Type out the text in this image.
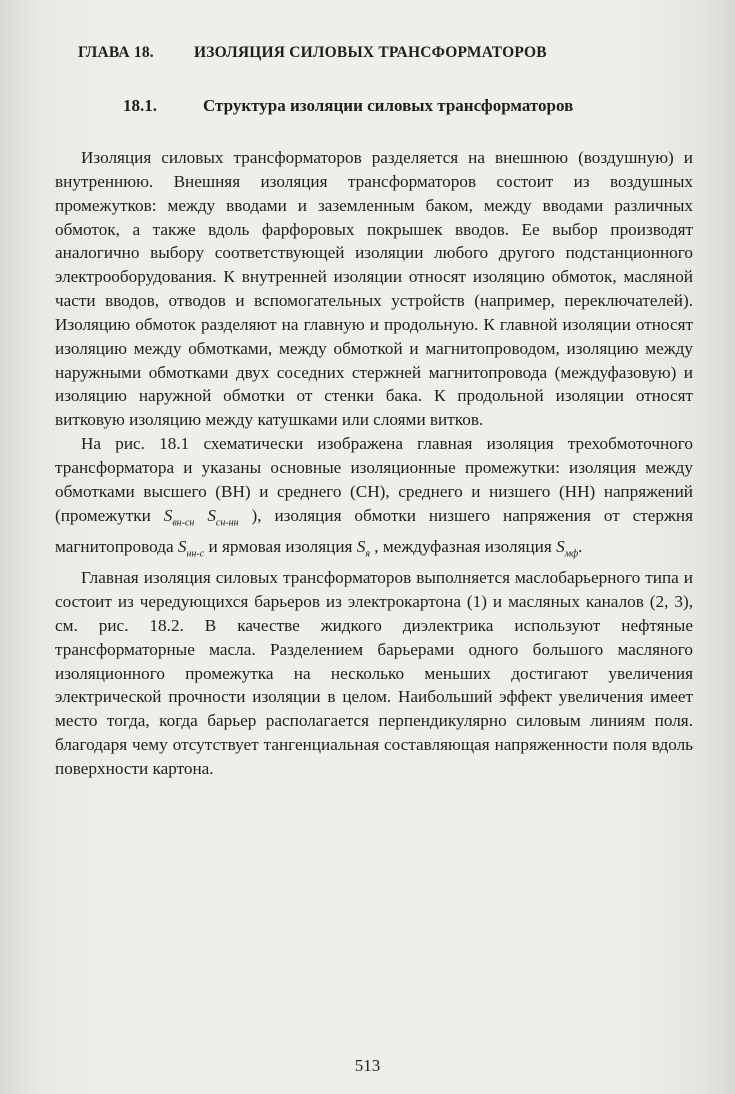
ГЛАВА 18.	ИЗОЛЯЦИЯ СИЛОВЫХ ТРАНСФОРМАТОРОВ
18.1.	Структура изоляции силовых трансформаторов

Изоляция силовых трансформаторов разделяется на внешнюю (воздушную) и внутреннюю. Внешняя изоляция трансформаторов состоит из воздушных промежутков: между вводами и заземленным баком, между вводами различных обмоток, а также вдоль фарфоровых покрышек вводов. Ее выбор производят аналогично выбору соответствующей изоляции любого другого подстанционного электрооборудования. К внутренней изоляции относят изоляцию обмоток, масляной части вводов, отводов и вспомогательных устройств (например, переключателей). Изоляцию обмоток разделяют на главную и продольную. К главной изоляции относят изоляцию между обмотками, между обмоткой и магнитопроводом, изоляцию между наружными обмотками двух соседних стержней магнитопровода (междуфазовую) и изоляцию наружной обмотки от стенки бака. К продольной изоляции относят витковую изоляцию между катушками или слоями витков.

На рис. 18.1 схематически изображена главная изоляция трехобмоточного трансформатора и указаны основные изоляционные промежутки: изоляция между обмотками высшего (ВН) и среднего (СН), среднего и низшего (НН) напряжений (промежутки $S_{вн-сн}$ $S_{сн-нн}$ ), изоляция обмотки низшего напряжения от стержня магнитопровода $S_{нн-с}$ и ярмовая изоляция $S_я$ , междуфазная изоляция $S_{мф}$.

Главная изоляция силовых трансформаторов выполняется маслобарьерного типа и состоит из чередующихся барьеров из электрокартона (1) и масляных каналов (2, 3), см. рис. 18.2. В качестве жидкого диэлектрика используют нефтяные трансформаторные масла. Разделением барьерами одного большого масляного изоляционного промежутка на несколько меньших достигают увеличения электрической прочности изоляции в целом. Наибольший эффект увеличения имеет место тогда, когда барьер располагается перпендикулярно силовым линиям поля. благодаря чему отсутствует тангенциальная составляющая напряженности поля вдоль поверхности картона.

513
